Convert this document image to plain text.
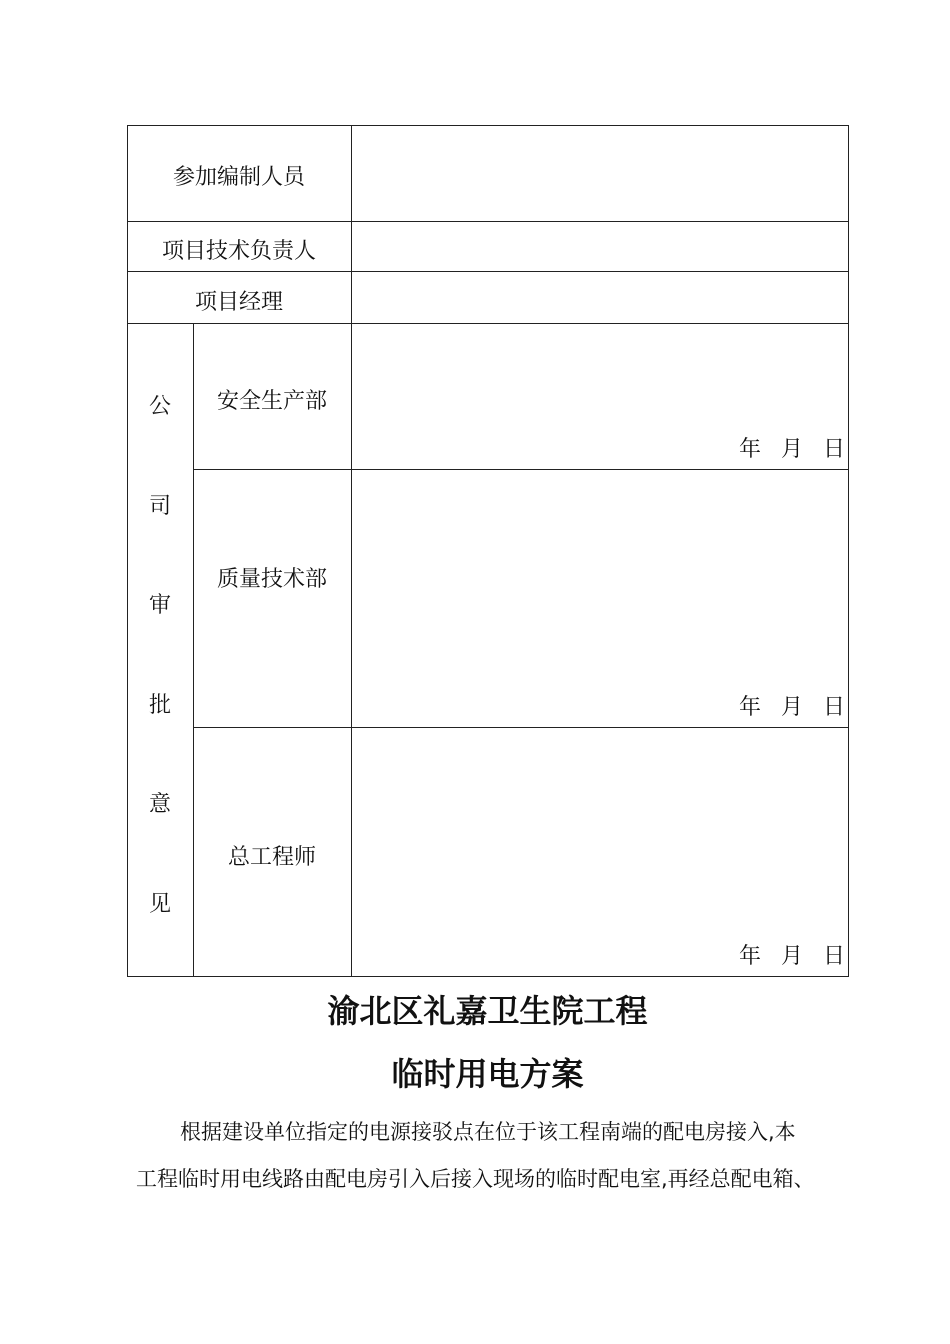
参加编制人员
项目技术负责人
项目经理
公
司
审
批
意
见
安全生产部
质量技术部
总工程师
年  月  日
年  月  日
年  月  日
渝北区礼嘉卫生院工程
临时用电方案
根据建设单位指定的电源接驳点在位于该工程南端的配电房接入,本
工程临时用电线路由配电房引入后接入现场的临时配电室,再经总配电箱、
